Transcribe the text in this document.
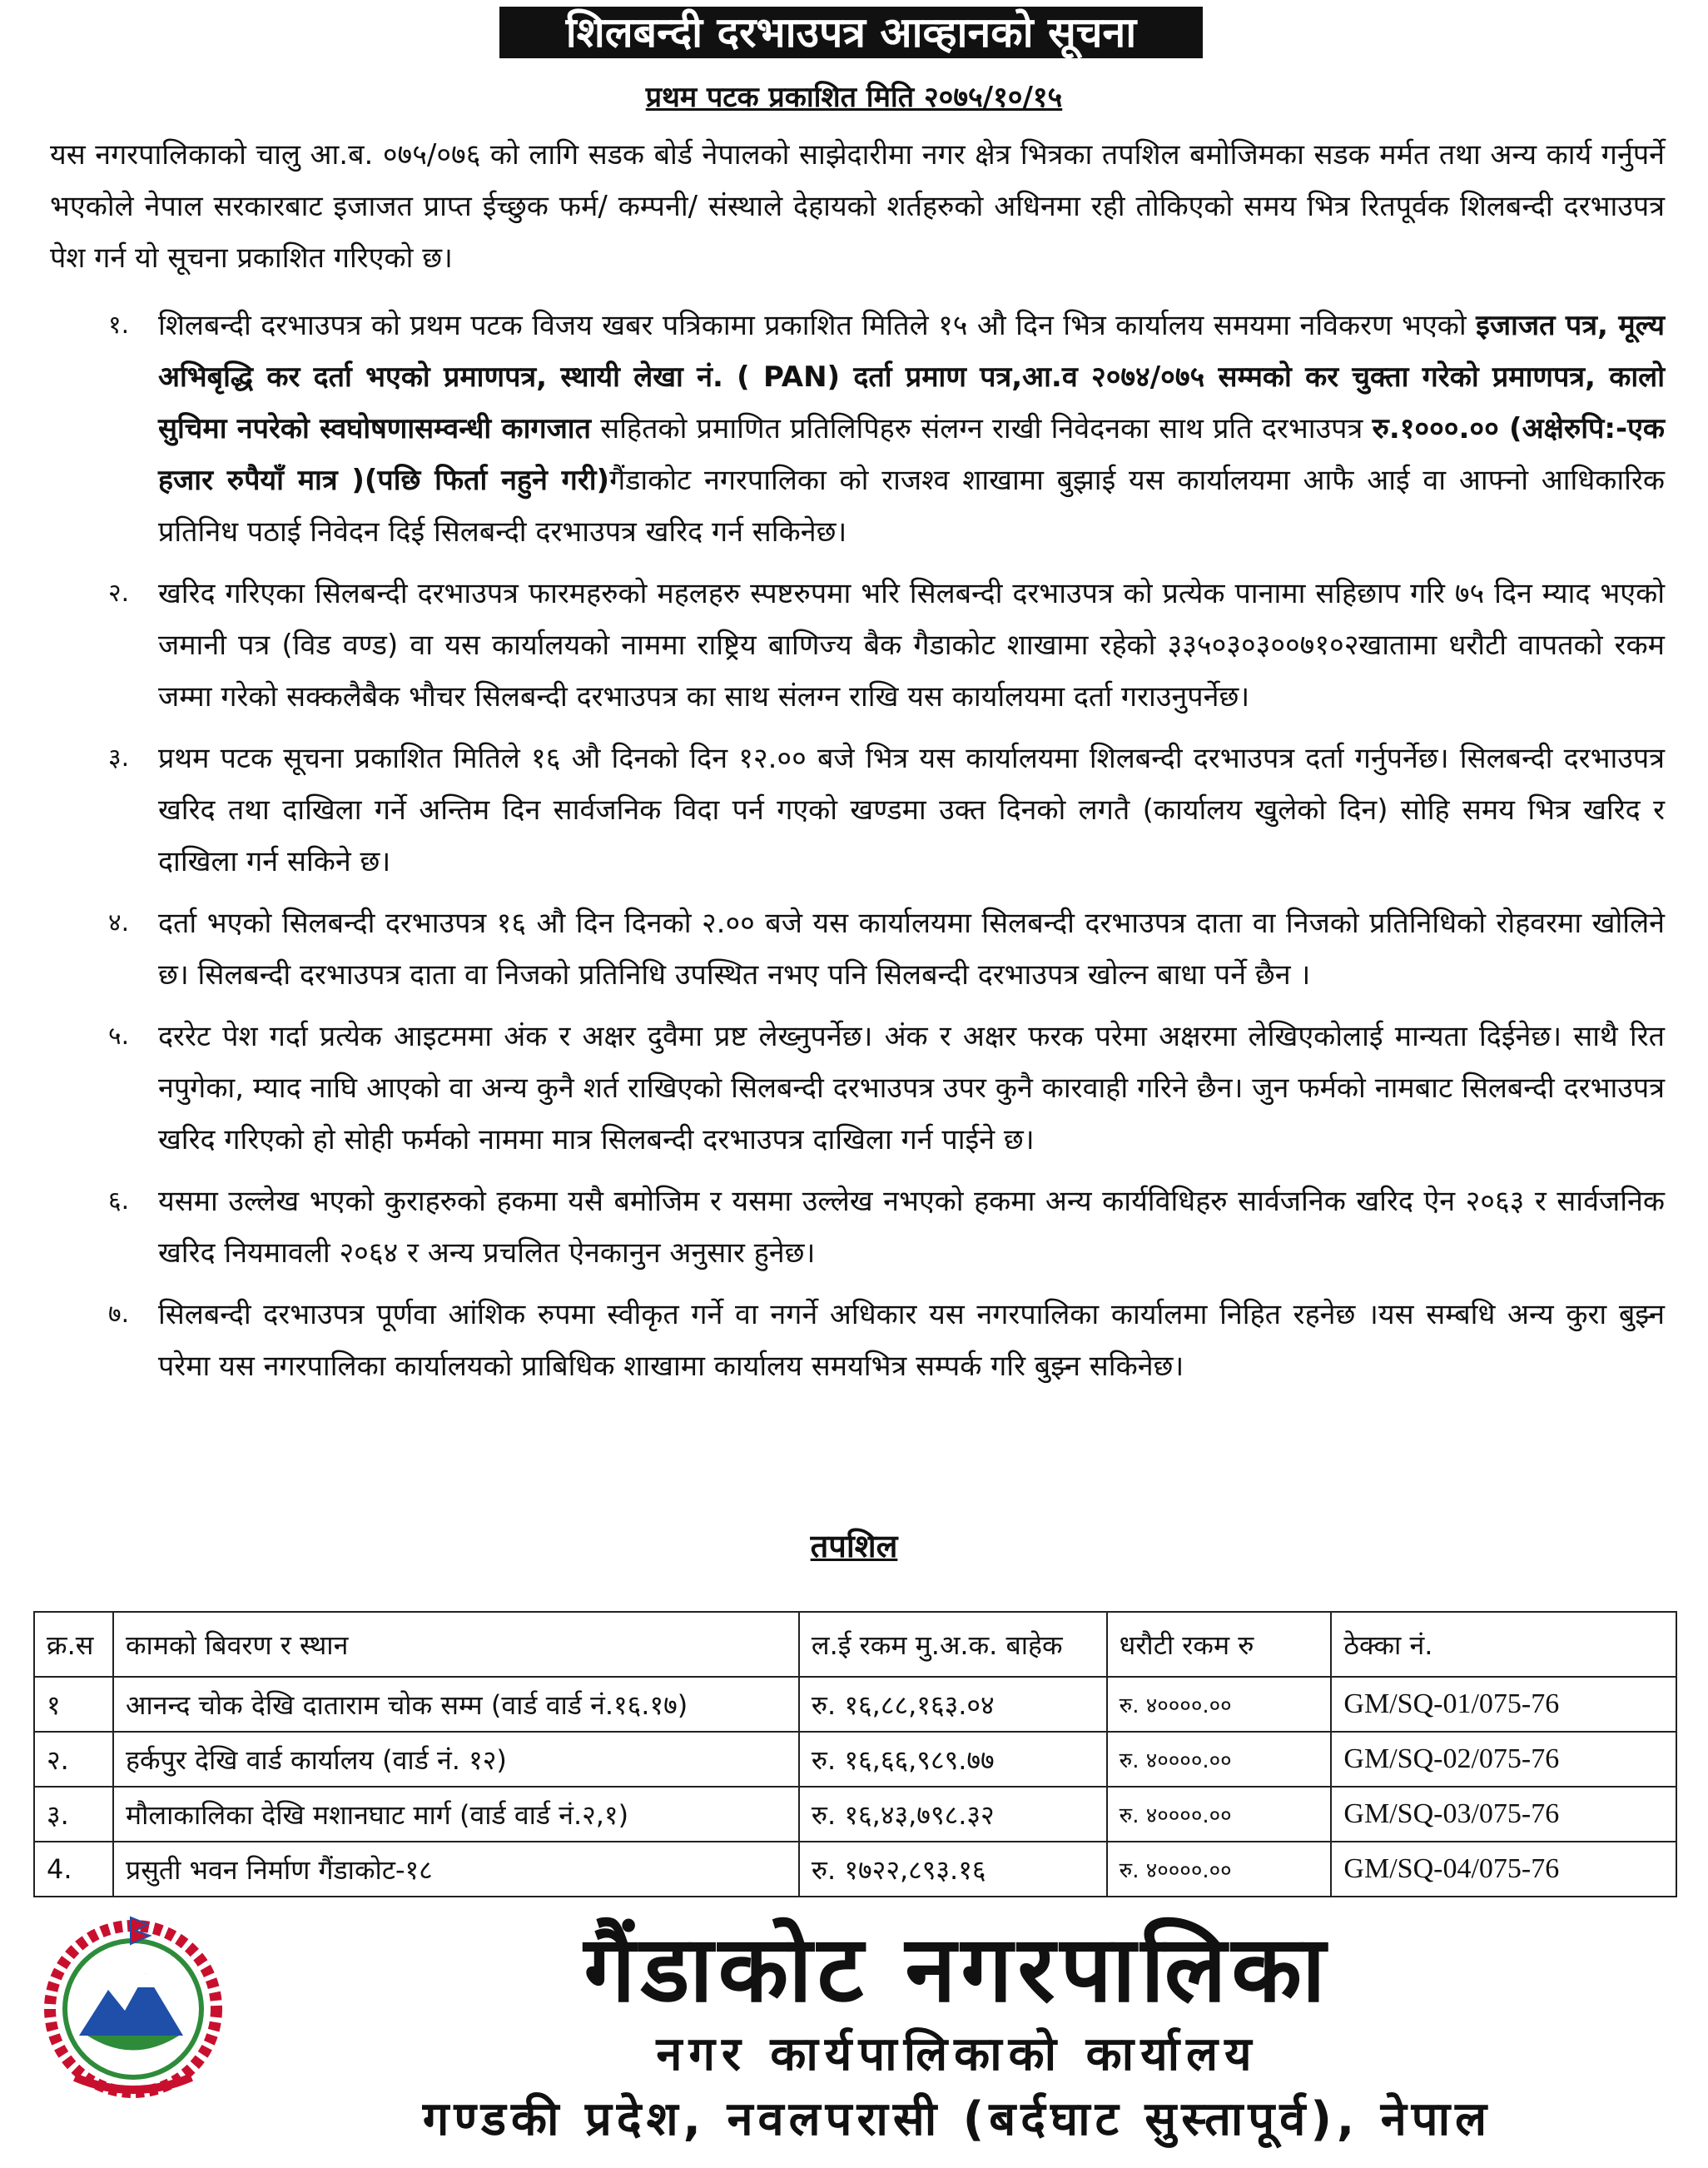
शिलबन्दी दरभाउपत्र आव्हानको सूचना
प्रथम पटक प्रकाशित मिति २०७५/१०/१५
यस नगरपालिकाको चालु आ.ब. ०७५/०७६ को लागि सडक बोर्ड नेपालको साझेदारीमा नगर क्षेत्र भित्रका तपशिल बमोजिमका सडक मर्मत तथा अन्य कार्य गर्नुपर्ने भएकोले नेपाल सरकारबाट इजाजत प्राप्त ईच्छुक फर्म/ कम्पनी/ संस्थाले देहायको शर्तहरुको अधिनमा रही तोकिएको समय भित्र रितपूर्वक शिलबन्दी दरभाउपत्र पेश गर्न यो सूचना प्रकाशित गरिएको छ।
१. शिलबन्दी दरभाउपत्र को प्रथम पटक विजय खबर पत्रिकामा प्रकाशित मितिले १५ औ दिन भित्र कार्यालय समयमा नविकरण भएको इजाजत पत्र, मूल्य अभिबृद्धि कर दर्ता भएको प्रमाणपत्र, स्थायी लेखा नं. ( PAN) दर्ता प्रमाण पत्र,आ.व २०७४/०७५ सम्मको कर चुक्ता गरेको प्रमाणपत्र, कालो सुचिमा नपरेको स्वघोषणासम्वन्धी कागजात सहितको प्रमाणित प्रतिलिपिहरु संलग्न राखी निवेदनका साथ प्रति दरभाउपत्र रु.१०००.०० (अक्षेरुपि:-एक हजार रुपैयाँ मात्र )(पछि फिर्ता नहुने गरी)गैंडाकोट नगरपालिका को राजश्व शाखामा बुझाई यस कार्यालयमा आफै आई वा आफ्नो आधिकारिक प्रतिनिध पठाई निवेदन दिई सिलबन्दी दरभाउपत्र खरिद गर्न सकिनेछ।
२. खरिद गरिएका सिलबन्दी दरभाउपत्र फारमहरुको महलहरु स्पष्टरुपमा भरि सिलबन्दी दरभाउपत्र को प्रत्येक पानामा सहिछाप गरि ७५ दिन म्याद भएको जमानी पत्र (विड वण्ड) वा यस कार्यालयको नाममा राष्ट्रिय बाणिज्य बैक गैडाकोट शाखामा रहेको ३३५०३०३००७१०२खातामा धरौटी वापतको रकम जम्मा गरेको सक्कलैबैक भौचर सिलबन्दी दरभाउपत्र का साथ संलग्न राखि यस कार्यालयमा दर्ता गराउनुपर्नेछ।
३. प्रथम पटक सूचना प्रकाशित मितिले १६ औ दिनको दिन १२.०० बजे भित्र यस कार्यालयमा शिलबन्दी दरभाउपत्र दर्ता गर्नुपर्नेछ। सिलबन्दी दरभाउपत्र खरिद तथा दाखिला गर्ने अन्तिम दिन सार्वजनिक विदा पर्न गएको खण्डमा उक्त दिनको लगतै (कार्यालय खुलेको दिन) सोहि समय भित्र खरिद र दाखिला गर्न सकिने छ।
४. दर्ता भएको सिलबन्दी दरभाउपत्र १६ औ दिन दिनको २.०० बजे यस कार्यालयमा सिलबन्दी दरभाउपत्र दाता वा निजको प्रतिनिधिको रोहवरमा खोलिने छ। सिलबन्दी दरभाउपत्र दाता वा निजको प्रतिनिधि उपस्थित नभए पनि सिलबन्दी दरभाउपत्र खोल्न बाधा पर्ने छैन ।
५. दररेट पेश गर्दा प्रत्येक आइटममा अंक र अक्षर दुवैमा प्रष्ट लेख्नुपर्नेछ। अंक र अक्षर फरक परेमा अक्षरमा लेखिएकोलाई मान्यता दिईनेछ। साथै रित नपुगेका, म्याद नाघि आएको वा अन्य कुनै शर्त राखिएको सिलबन्दी दरभाउपत्र उपर कुनै कारवाही गरिने छैन। जुन फर्मको नामबाट सिलबन्दी दरभाउपत्र खरिद गरिएको हो सोही फर्मको नाममा मात्र सिलबन्दी दरभाउपत्र दाखिला गर्न पाईने छ।
६. यसमा उल्लेख भएको कुराहरुको हकमा यसै बमोजिम र यसमा उल्लेख नभएको हकमा अन्य कार्यविधिहरु सार्वजनिक खरिद ऐन २०६३ र सार्वजनिक खरिद नियमावली २०६४ र अन्य प्रचलित ऐनकानुन अनुसार हुनेछ।
७. सिलबन्दी दरभाउपत्र पूर्णवा आंशिक रुपमा स्वीकृत गर्ने वा नगर्ने अधिकार यस नगरपालिका कार्यालमा निहित रहनेछ ।यस सम्बधि अन्य कुरा बुझ्न परेमा यस नगरपालिका कार्यालयको प्राबिधिक शाखामा कार्यालय समयभित्र सम्पर्क गरि बुझ्न सकिनेछ।
तपशिल
क्र.स	कामको बिवरण र स्थान	ल.ई रकम मु.अ.क. बाहेक	धरौटी रकम रु	ठेक्का नं.
१	आनन्द चोक देखि दाताराम चोक सम्म (वार्ड वार्ड नं.१६.१७)	रु. १६,८८,१६३.०४	रु. ४००००.००	GM/SQ-01/075-76
२.	हर्कपुर देखि वार्ड कार्यालय (वार्ड नं. १२)	रु. १६,६६,९८९.७७	रु. ४००००.००	GM/SQ-02/075-76
३.	मौलाकालिका देखि मशानघाट मार्ग (वार्ड वार्ड नं.२,१)	रु. १६,४३,७९८.३२	रु. ४००००.००	GM/SQ-03/075-76
4.	प्रसुती भवन निर्माण गैंडाकोट-१८	रु. १७२२,८९३.१६	रु. ४००००.००	GM/SQ-04/075-76
गैंडाकोट नगरपालिका
नगर कार्यपालिकाको कार्यालय
गण्डकी प्रदेश, नवलपरासी (बर्दघाट सुस्तापूर्व), नेपाल
